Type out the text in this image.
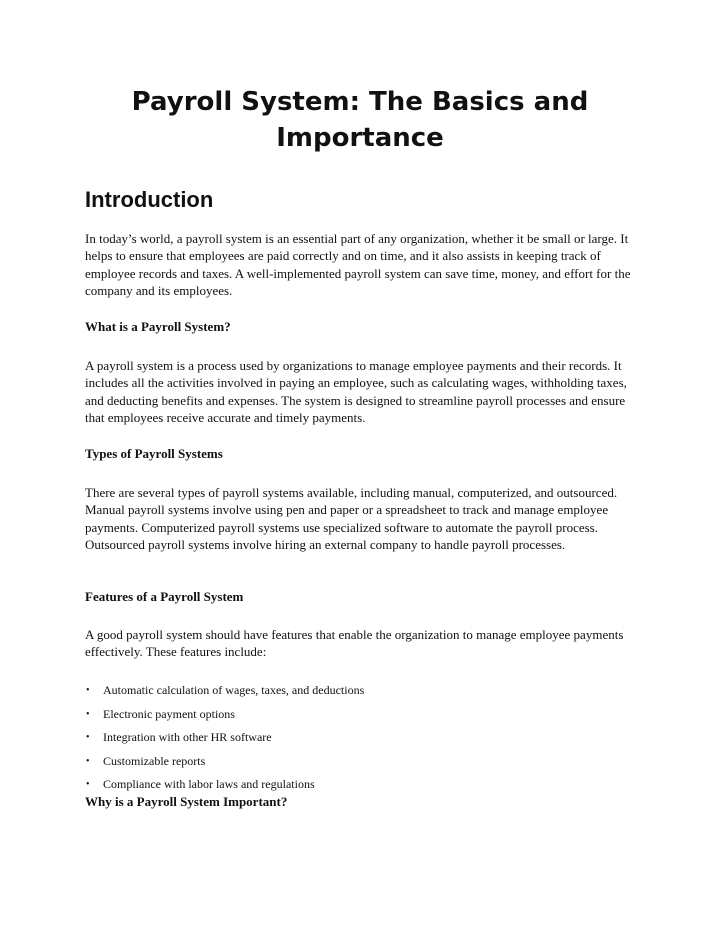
Payroll System: The Basics and Importance
Introduction

In today’s world, a payroll system is an essential part of any organization, whether it be small or large. It helps to ensure that employees are paid correctly and on time, and it also assists in keeping track of employee records and taxes. A well-implemented payroll system can save time, money, and effort for the company and its employees.

What is a Payroll System?

A payroll system is a process used by organizations to manage employee payments and their records. It includes all the activities involved in paying an employee, such as calculating wages, withholding taxes, and deducting benefits and expenses. The system is designed to streamline payroll processes and ensure that employees receive accurate and timely payments.

Types of Payroll Systems

There are several types of payroll systems available, including manual, computerized, and outsourced. Manual payroll systems involve using pen and paper or a spreadsheet to track and manage employee payments. Computerized payroll systems use specialized software to automate the payroll process. Outsourced payroll systems involve hiring an external company to handle payroll processes.

Features of a Payroll System

A good payroll system should have features that enable the organization to manage employee payments effectively. These features include:

• Automatic calculation of wages, taxes, and deductions
• Electronic payment options
• Integration with other HR software
• Customizable reports
• Compliance with labor laws and regulations
Why is a Payroll System Important?
